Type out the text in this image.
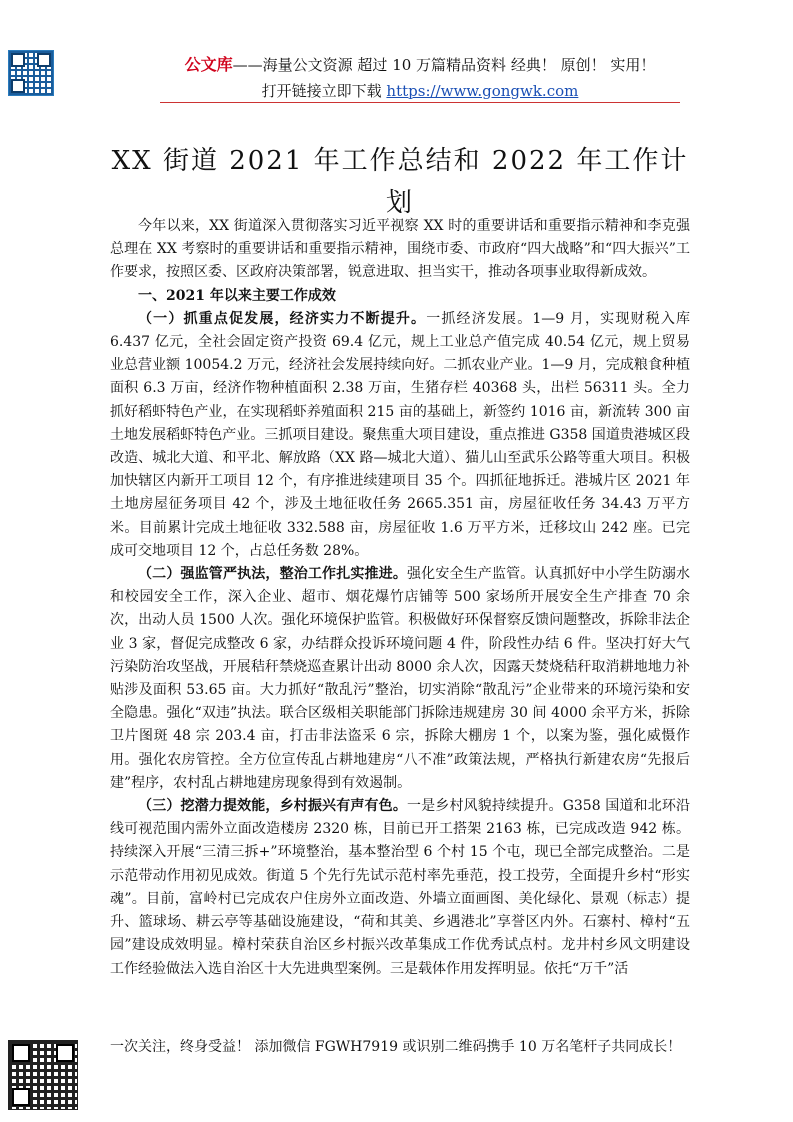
公文库——海量公文资源 超过 10 万篇精品资料 经典！ 原创！ 实用！
打开链接立即下载 https://www.gongwk.com
XX 街道 2021 年工作总结和 2022 年工作计划

今年以来，XX 街道深入贯彻落实习近平视察 XX 时的重要讲话和重要指示精神和李克强总理在 XX 考察时的重要讲话和重要指示精神，围绕市委、市政府“四大战略”和“四大振兴”工作要求，按照区委、区政府决策部署，锐意进取、担当实干，推动各项事业取得新成效。

一、2021 年以来主要工作成效

（一）抓重点促发展，经济实力不断提升。一抓经济发展。1—9 月，实现财税入库 6.437 亿元，全社会固定资产投资 69.4 亿元，规上工业总产值完成 40.54 亿元，规上贸易业总营业额 10054.2 万元，经济社会发展持续向好。二抓农业产业。1—9 月，完成粮食种植面积 6.3 万亩，经济作物种植面积 2.38 万亩，生猪存栏 40368 头，出栏 56311 头。全力抓好稻虾特色产业，在实现稻虾养殖面积 215 亩的基础上，新签约 1016 亩，新流转 300 亩土地发展稻虾特色产业。三抓项目建设。聚焦重大项目建设，重点推进 G358 国道贵港城区段改造、城北大道、和平北、解放路（XX 路—城北大道）、猫儿山至武乐公路等重大项目。积极加快辖区内新开工项目 12 个，有序推进续建项目 35 个。四抓征地拆迁。港城片区 2021 年土地房屋征务项目 42 个，涉及土地征收任务 2665.351 亩，房屋征收任务 34.43 万平方米。目前累计完成土地征收 332.588 亩，房屋征收 1.6 万平方米，迁移坟山 242 座。已完成可交地项目 12 个，占总任务数 28%。

（二）强监管严执法，整治工作扎实推进。强化安全生产监管。认真抓好中小学生防溺水和校园安全工作，深入企业、超市、烟花爆竹店铺等 500 家场所开展安全生产排查 70 余次，出动人员 1500 人次。强化环境保护监管。积极做好环保督察反馈问题整改，拆除非法企业 3 家，督促完成整改 6 家，办结群众投诉环境问题 4 件，阶段性办结 6 件。坚决打好大气污染防治攻坚战，开展秸秆禁烧巡查累计出动 8000 余人次，因露天焚烧秸秆取消耕地地力补贴涉及面积 53.65 亩。大力抓好“散乱污”整治，切实消除“散乱污”企业带来的环境污染和安全隐患。强化“双违”执法。联合区级相关职能部门拆除违规建房 30 间 4000 余平方米，拆除卫片图斑 48 宗 203.4 亩，打击非法盗采 6 宗，拆除大棚房 1 个，以案为鉴，强化威慑作用。强化农房管控。全方位宣传乱占耕地建房“八不准”政策法规，严格执行新建农房“先报后建”程序，农村乱占耕地建房现象得到有效遏制。

（三）挖潜力提效能，乡村振兴有声有色。一是乡村风貌持续提升。G358 国道和北环沿线可视范围内需外立面改造楼房 2320 栋，目前已开工搭架 2163 栋，已完成改造 942 栋。持续深入开展“三清三拆+”环境整治，基本整治型 6 个村 15 个屯，现已全部完成整治。二是示范带动作用初见成效。街道 5 个先行先试示范村率先垂范，投工投劳，全面提升乡村“形实魂”。目前，富岭村已完成农户住房外立面改造、外墙立面画图、美化绿化、景观（标志）提升、篮球场、耕云亭等基础设施建设，“荷和其美、乡遇港北”享誉区内外。石寨村、樟村“五园”建设成效明显。樟村荣获自治区乡村振兴改革集成工作优秀试点村。龙井村乡风文明建设工作经验做法入选自治区十大先进典型案例。三是载体作用发挥明显。依托“万千”活

一次关注，终身受益！ 添加微信 FGWH7919 或识别二维码携手 10 万名笔杆子共同成长！
